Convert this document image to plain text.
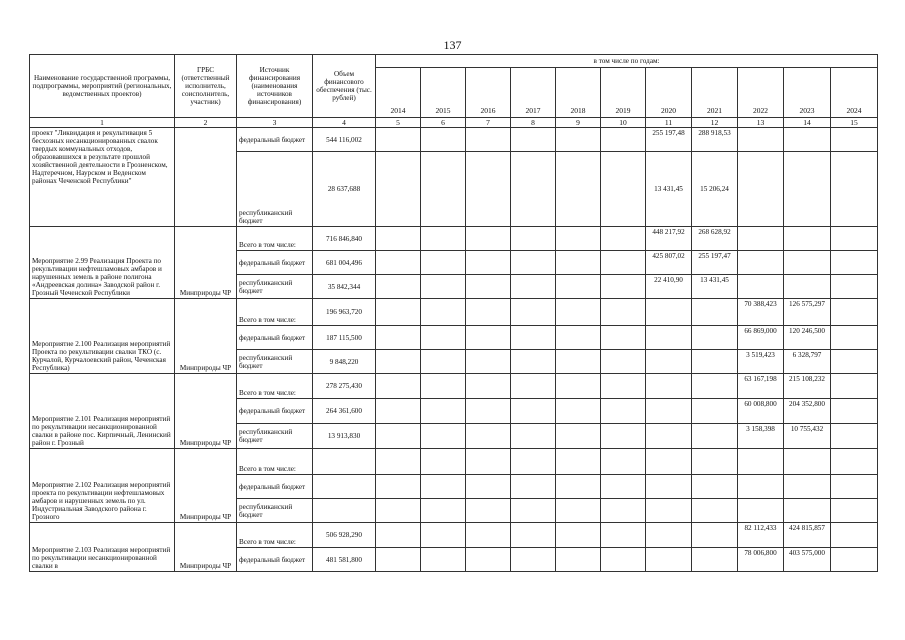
137
Наименование государственной программы, подпрограммы, мероприятий (региональных, ведомственных проектов)	ГРБС (ответственный исполнитель, соисполнитель, участник)	Источник финансирования (наименования источников финансирования)	Объем финансового обеспечения (тыс. рублей)	в том числе по годам:										
				2014	2015	2016	2017	2018	2019	2020	2021	2022	2023	2024
1	2	3	4	5	6	7	8	9	10	11	12	13	14	15
проект "Ликвидация и рекультивация 5 бесхозных несанкционированных свалок твердых коммунальных отходов, образовавшихся в результате прошлой хозяйственной деятельности в Грозненском, Надтеречном, Наурском и Веденском районах Чеченской Республики"		федеральный бюджет	544 116,002							255 197,48	288 918,53			
		республиканский бюджет	28 637,688							13 431,45	15 206,24			
Мероприятие 2.99 Реализация Проекта по рекультивации нефтешламовых амбаров и нарушенных земель в районе полигона «Андреевская долина» Заводской район г. Грозный Чеченской Республики	Минприроды ЧР	Всего в том числе:	716 846,840							448 217,92	268 628,92			
		федеральный бюджет	681 004,496							425 807,02	255 197,47			
		республиканский бюджет	35 842,344							22 410,90	13 431,45			
Мероприятие 2.100 Реализация мероприятий Проекта по рекультивации свалки ТКО (с. Курчалой, Курчалоевский район, Чеченская Республика)	Минприроды ЧР	Всего в том числе:	196 963,720									70 388,423	126 575,297	
		федеральный бюджет	187 115,500									66 869,000	120 246,500	
		республиканский бюджет	9 848,220									3 519,423	6 328,797	
Мероприятие 2.101 Реализация мероприятий по рекультивации несанкционированной свалки в районе пос. Кирпичный, Ленинский район г. Грозный	Минприроды ЧР	Всего в том числе:	278 275,430									63 167,198	215 108,232	
		федеральный бюджет	264 361,600									60 008,800	204 352,800	
		республиканский бюджет	13 913,830									3 158,398	10 755,432	
Мероприятие 2.102 Реализация мероприятий проекта по рекультивации нефтешламовых амбаров и нарушенных земель по ул. Индустриальная Заводского района г. Грозного	Минприроды ЧР	Всего в том числе:												
		федеральный бюджет												
		республиканский бюджет												
Мероприятие 2.103 Реализация мероприятий по рекультивации несанкционированной свалки в	Минприроды ЧР	Всего в том числе:	506 928,290									82 112,433	424 815,857	
		федеральный бюджет	481 581,800									78 006,800	403 575,000	
